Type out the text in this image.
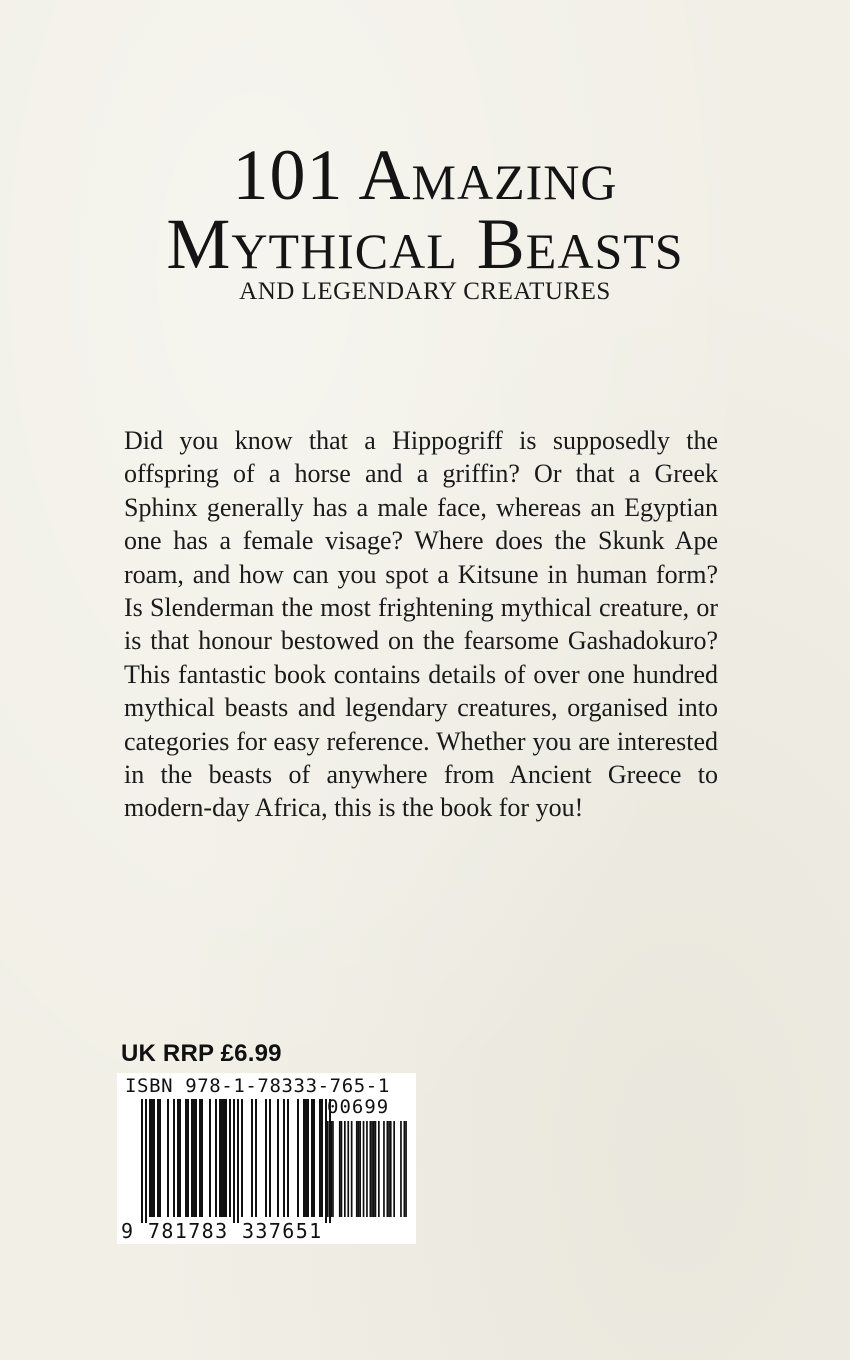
101 Amazing
Mythical Beasts
AND LEGENDARY CREATURES

Did you know that a Hippogriff is supposedly the offspring of a horse and a griffin? Or that a Greek Sphinx generally has a male face, whereas an Egyptian one has a female visage? Where does the Skunk Ape roam, and how can you spot a Kitsune in human form? Is Slenderman the most frightening mythical creature, or is that honour bestowed on the fearsome Gashadokuro? This fantastic book contains details of over one hundred mythical beasts and legendary creatures, organised into categories for easy reference. Whether you are interested in the beasts of anywhere from Ancient Greece to modern-day Africa, this is the book for you!

UK RRP £6.99
ISBN 978-1-78333-765-1
00699
9 781783 337651
